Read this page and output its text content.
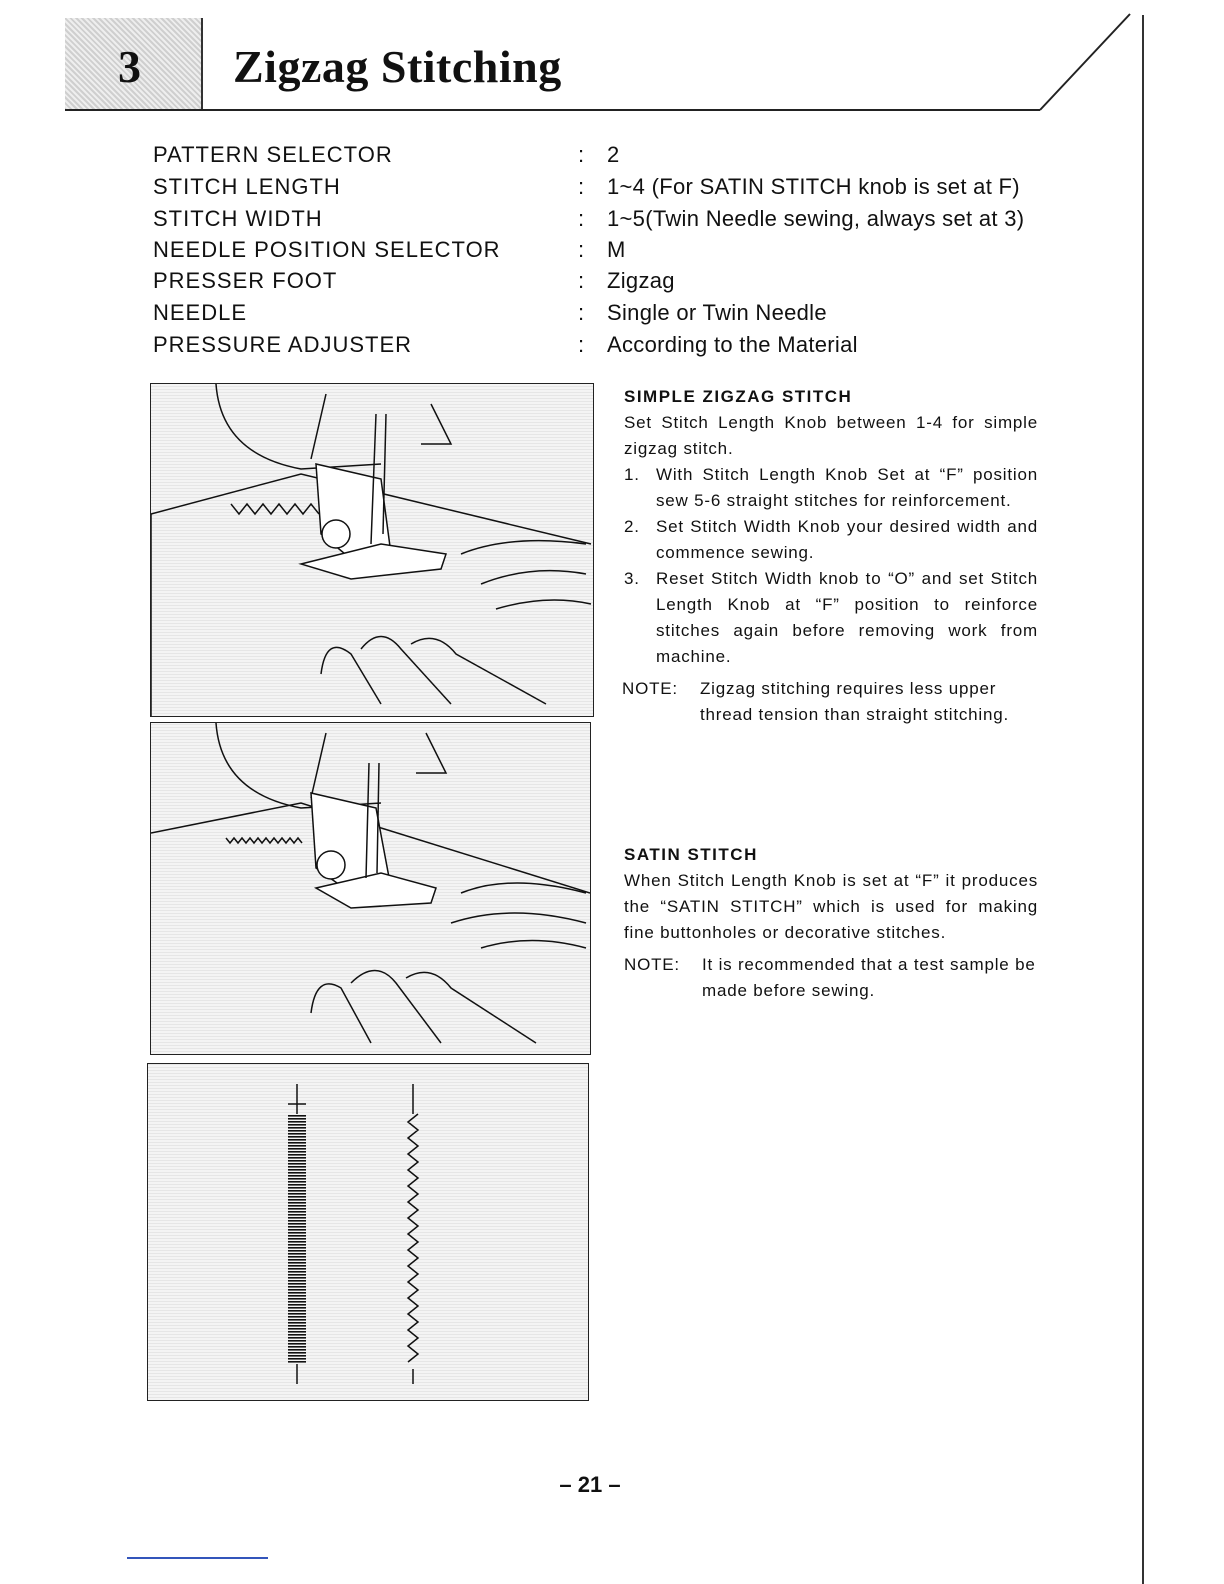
3 Zigzag Stitching
PATTERN SELECTOR	: 2
STITCH LENGTH	: 1~4 (For SATIN STITCH knob is set at F)
STITCH WIDTH	: 1~5(Twin Needle sewing, always set at 3)
NEEDLE POSITION SELECTOR	: M
PRESSER FOOT	: Zigzag
NEEDLE	: Single or Twin Needle
PRESSURE ADJUSTER	: According to the Material
SIMPLE ZIGZAG STITCH
Set Stitch Length Knob between 1-4 for simple zigzag stitch.
1. With Stitch Length Knob Set at “F” position sew 5-6 straight stitches for reinforcement.
2. Set Stitch Width Knob your desired width and commence sewing.
3. Reset Stitch Width knob to “O” and set Stitch Length Knob at “F” position to reinforce stitches again before removing work from machine.
NOTE:	Zigzag stitching requires less upper thread tension than straight stitching.
SATIN STITCH
When Stitch Length Knob is set at “F” it produces the “SATIN STITCH” which is used for making fine buttonholes or decorative stitches.
NOTE:	It is recommended that a test sample be made before sewing.
– 21 –
